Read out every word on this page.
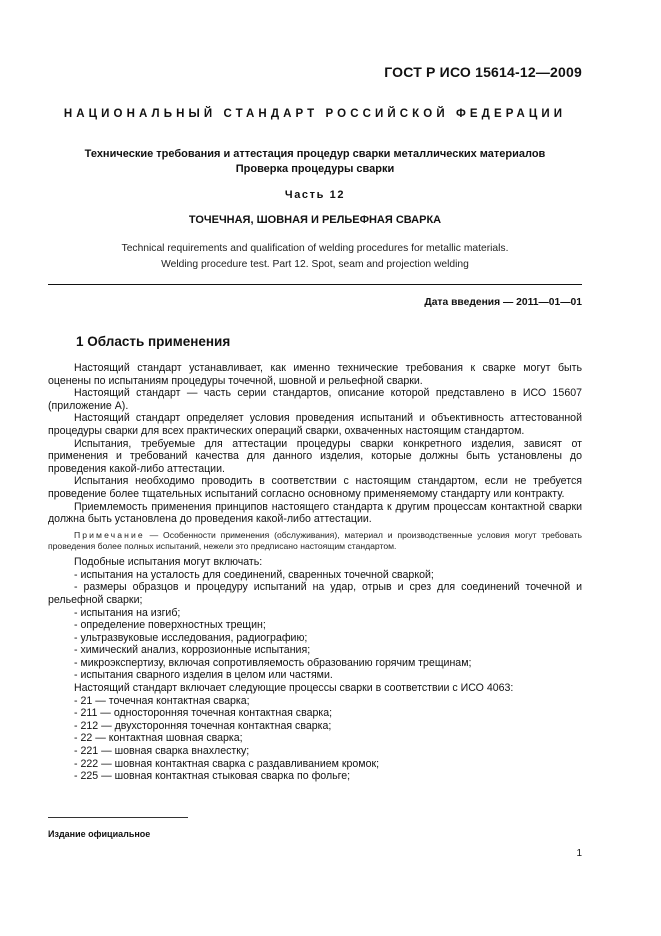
ГОСТ Р ИСО 15614-12—2009
НАЦИОНАЛЬНЫЙ СТАНДАРТ РОССИЙСКОЙ ФЕДЕРАЦИИ
Технические требования и аттестация процедур сварки металлических материалов
Проверка процедуры сварки
Часть 12
ТОЧЕЧНАЯ, ШОВНАЯ И РЕЛЬЕФНАЯ СВАРКА
Technical requirements and qualification of welding procedures for metallic materials.
Welding procedure test. Part 12. Spot, seam and projection welding
Дата введения — 2011—01—01
1 Область применения

Настоящий стандарт устанавливает, как именно технические требования к сварке могут быть оценены по испытаниям процедуры точечной, шовной и рельефной сварки.

Настоящий стандарт — часть серии стандартов, описание которой представлено в ИСО 15607 (приложение А).

Настоящий стандарт определяет условия проведения испытаний и объективность аттестованной процедуры сварки для всех практических операций сварки, охваченных настоящим стандартом.

Испытания, требуемые для аттестации процедуры сварки конкретного изделия, зависят от применения и требований качества для данного изделия, которые должны быть установлены до проведения какой-либо аттестации.

Испытания необходимо проводить в соответствии с настоящим стандартом, если не требуется проведение более тщательных испытаний согласно основному применяемому стандарту или контракту.

Приемлемость применения принципов настоящего стандарта к другим процессам контактной сварки должна быть установлена до проведения какой-либо аттестации.

Примечание — Особенности применения (обслуживания), материал и производственные условия могут требовать проведения более полных испытаний, нежели это предписано настоящим стандартом.

Подобные испытания могут включать:

- испытания на усталость для соединений, сваренных точечной сваркой;

- размеры образцов и процедуру испытаний на удар, отрыв и срез для соединений точечной и рельефной сварки;

- испытания на изгиб;

- определение поверхностных трещин;

- ультразвуковые исследования, радиографию;

- химический анализ, коррозионные испытания;

- микроэкспертизу, включая сопротивляемость образованию горячим трещинам;

- испытания сварного изделия в целом или частями.

Настоящий стандарт включает следующие процессы сварки в соответствии с ИСО 4063:

- 21 — точечная контактная сварка;

- 211 — односторонняя точечная контактная сварка;

- 212 — двухсторонняя точечная контактная сварка;

- 22 — контактная шовная сварка;

- 221 — шовная сварка внахлестку;

- 222 — шовная контактная сварка с раздавливанием кромок;

- 225 — шовная контактная стыковая сварка по фольге;

Издание официальное
1
